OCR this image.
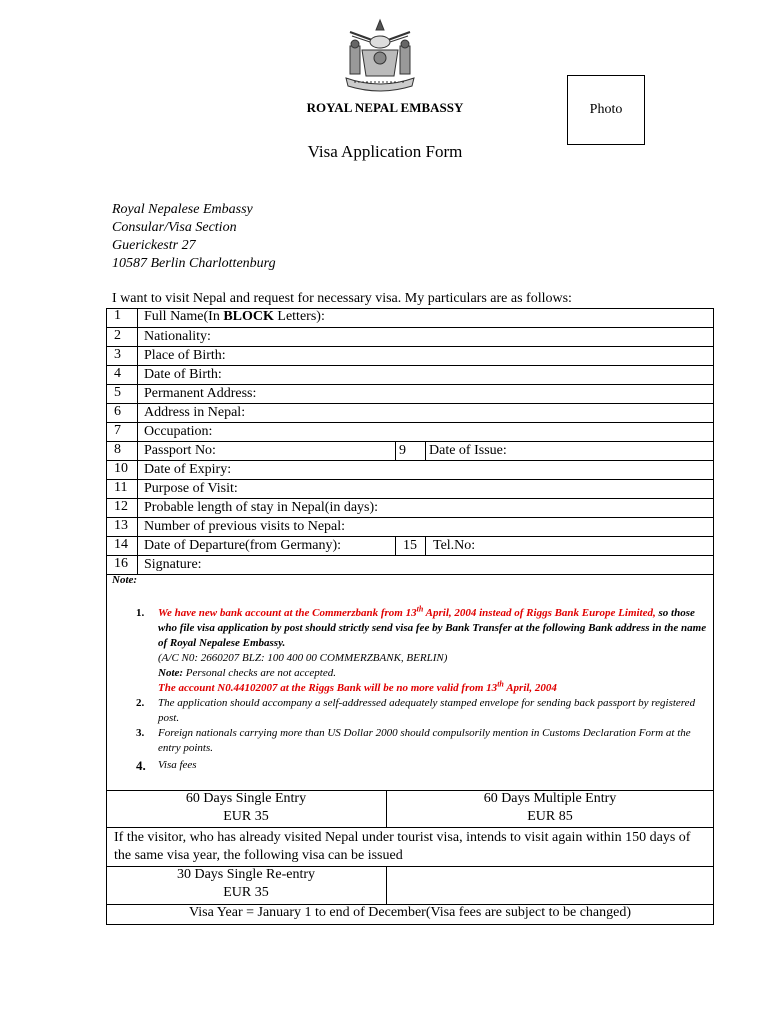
Photo
ROYAL NEPAL EMBASSY
Visa Application Form
Royal Nepalese Embassy
Consular/Visa Section
Guerickestr 27
10587 Berlin Charlottenburg
I want to visit Nepal and request for necessary visa. My particulars are as follows:
1	Full Name(In BLOCK Letters):
2	Nationality:
3	Place of Birth:
4	Date of Birth:
5	Permanent Address:
6	Address in Nepal:
7	Occupation:
8	Passport No:	9 Date of Issue:
10	Date of Expiry:
11	Purpose of Visit:
12	Probable length of stay in Nepal(in days):
13	Number of previous visits to Nepal:
14	Date of Departure(from Germany):	15 Tel.No:
16	Signature:
Note:
1. We have new bank account at the Commerzbank from 13th April, 2004 instead of Riggs Bank Europe Limited, so those who file visa application by post should strictly send visa fee by Bank Transfer at the following Bank address in the name of Royal Nepalese Embassy.
(A/C N0: 2660207 BLZ: 100 400 00 COMMERZBANK, BERLIN)
Note: Personal checks are not accepted.
The account N0.44102007 at the Riggs Bank will be no more valid from 13th April, 2004
2. The application should accompany a self-addressed adequately stamped envelope for sending back passport by registered post.
3. Foreign nationals carrying more than US Dollar 2000 should compulsorily mention in Customs Declaration Form at the entry points.
4. Visa fees
60 Days Single Entry	60 Days Multiple Entry
EUR 35	EUR 85
If the visitor, who has already visited Nepal under tourist visa, intends to visit again within 150 days of the same visa year, the following visa can be issued
30 Days Single Re-entry
EUR 35
Visa Year = January 1 to end of December(Visa fees are subject to be changed)
